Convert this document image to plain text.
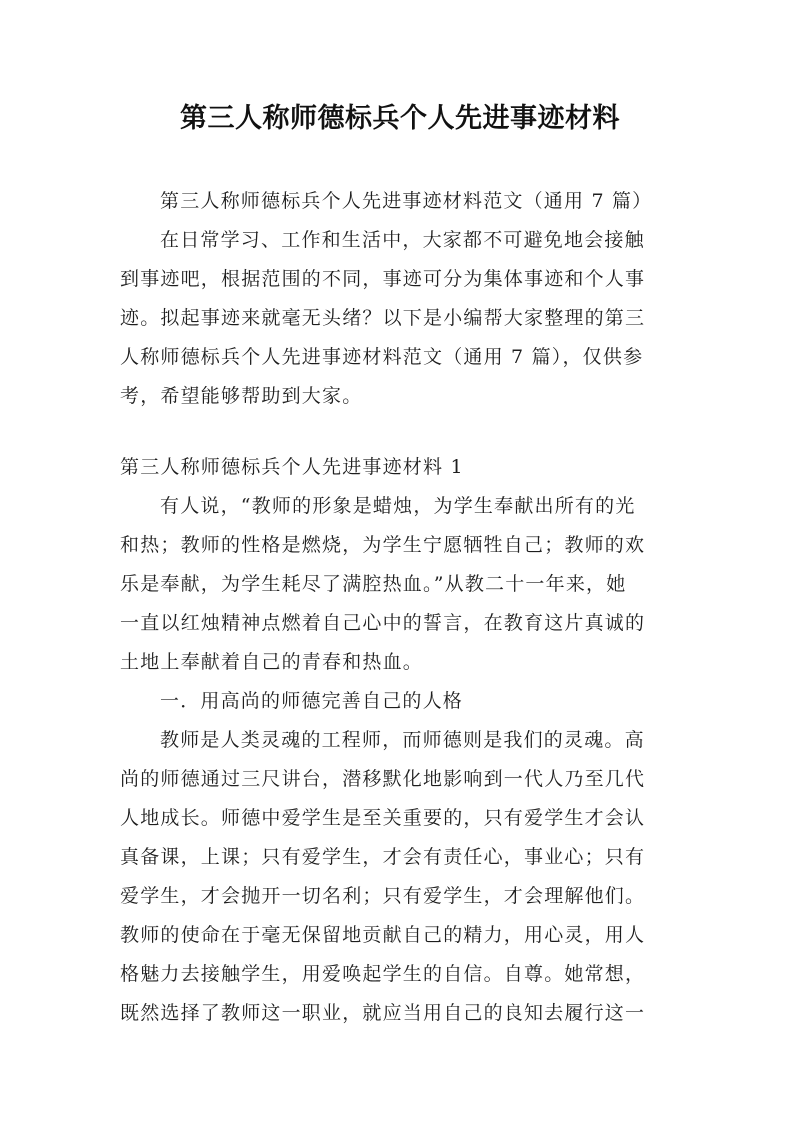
第三人称师德标兵个人先进事迹材料
第三人称师德标兵个人先进事迹材料范文（通用 7 篇）
在日常学习、工作和生活中，大家都不可避免地会接触
到事迹吧，根据范围的不同，事迹可分为集体事迹和个人事
迹。拟起事迹来就毫无头绪？以下是小编帮大家整理的第三
人称师德标兵个人先进事迹材料范文（通用 7 篇），仅供参
考，希望能够帮助到大家。
第三人称师德标兵个人先进事迹材料 1
有人说，“教师的形象是蜡烛，为学生奉献出所有的光
和热；教师的性格是燃烧，为学生宁愿牺牲自己；教师的欢
乐是奉献，为学生耗尽了满腔热血。”从教二十一年来，她
一直以红烛精神点燃着自己心中的誓言，在教育这片真诚的
土地上奉献着自己的青春和热血。
一．用高尚的师德完善自己的人格
教师是人类灵魂的工程师，而师德则是我们的灵魂。高
尚的师德通过三尺讲台，潜移默化地影响到一代人乃至几代
人地成长。师德中爱学生是至关重要的，只有爱学生才会认
真备课，上课；只有爱学生，才会有责任心，事业心；只有
爱学生，才会抛开一切名利；只有爱学生，才会理解他们。
教师的使命在于毫无保留地贡献自己的精力，用心灵，用人
格魅力去接触学生，用爱唤起学生的自信。自尊。她常想，
既然选择了教师这一职业，就应当用自己的良知去履行这一
